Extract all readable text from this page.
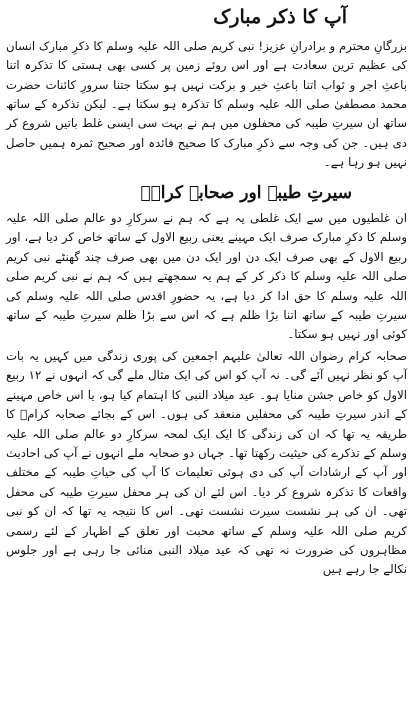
آپ کا ذکر مبارک

بزرگانِ محترم و برادرانِ عزیز! نبی کریم صلی اللہ علیہ وسلم کا ذکرِ مبارک انسان کی عظیم ترین سعادت ہے اور اس روئے زمین پر کسی بھی ہستی کا تذکرہ اتنا باعثِ اجر و ثواب اتنا باعثِ خیر و برکت نہیں ہو سکتا جتنا سرورِ کائنات حضرت محمد مصطفیٰ صلی اللہ علیہ وسلم کا تذکرہ ہو سکتا ہے۔ لیکن تذکرہ کے ساتھ ساتھ ان سیرتِ طیبہ کی محفلوں میں ہم نے بہت سی ایسی غلط باتیں شروع کر دی ہیں۔ جن کی وجہ سے ذکرِ مبارک کا صحیح فائدہ اور صحیح ثمرہ ہمیں حاصل نہیں ہو رہا ہے۔

سیرتِ طیبہ اور صحابہ کرامؓ

ان غلطیوں میں سے ایک غلطی یہ ہے کہ ہم نے سرکارِ دو عالم صلی اللہ علیہ وسلم کا ذکرِ مبارک صرف ایک مہینے یعنی ربیع الاول کے ساتھ خاص کر دیا ہے، اور ربیع الاول کے بھی صرف ایک دن اور ایک دن میں بھی صرف چند گھنٹے نبی کریم صلی اللہ علیہ وسلم کا ذکر کر کے ہم یہ سمجھتے ہیں کہ ہم نے نبی کریم صلی اللہ علیہ وسلم کا حق ادا کر دیا ہے، یہ حضورِ اقدس صلی اللہ علیہ وسلم کی سیرتِ طیبہ کے ساتھ اتنا بڑا ظلم ہے کہ اس سے بڑا ظلم سیرتِ طیبہ کے ساتھ کوئی اور نہیں ہو سکتا۔

صحابہ کرام رضوان اللہ تعالیٰ علیہم اجمعین کی پوری زندگی میں کہیں یہ بات آپ کو نظر نہیں آئے گی۔ نہ آپ کو اس کی ایک مثال ملے گی کہ انہوں نے ۱۲ ربیع الاول کو خاص جشن منایا ہو۔ عید میلاد النبی کا اہتمام کیا ہو، یا اس خاص مہینے کے اندر سیرتِ طیبہ کی محفلیں منعقد کی ہوں۔ اس کے بجائے صحابہ کرامؓ کا طریقہ یہ تھا کہ ان کی زندگی کا ایک ایک لمحہ سرکارِ دو عالم صلی اللہ علیہ وسلم کے تذکرے کی حیثیت رکھتا تھا۔ جہاں دو صحابہ ملے انہوں نے آپ کی احادیث اور آپ کے ارشادات آپ کی دی ہوئی تعلیمات کا آپ کی حیاتِ طیبہ کے مختلف واقعات کا تذکرہ شروع کر دیا۔ اس لئے ان کی ہر محفل سیرتِ طیبہ کی محفل تھی۔ ان کی ہر نشست سیرت نشست تھی۔ اس کا نتیجہ یہ تھا کہ ان کو نبی کریم صلی اللہ علیہ وسلم کے ساتھ محبت اور تعلق کے اظہار کے لئے رسمی مظاہروں کی ضرورت نہ تھی کہ عید میلاد النبی منائی جا رہی ہے اور جلوس نکالے جا رہے ہیں
